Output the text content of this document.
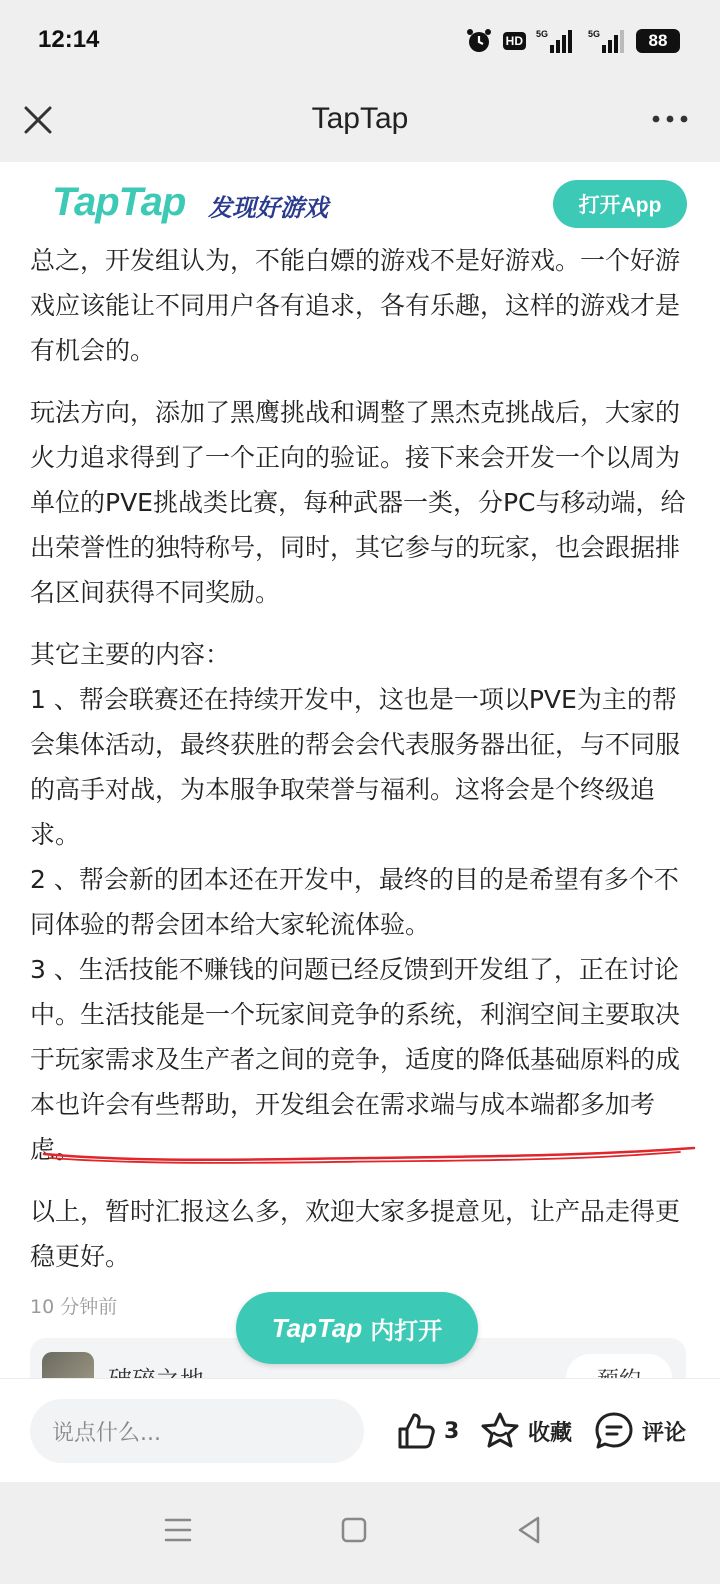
12:14	HD	5G	5G	88
TapTap
TapTap 发现好游戏	打开App

总之，开发组认为，不能白嫖的游戏不是好游戏。一个好游戏应该能让不同用户各有追求，各有乐趣，这样的游戏才是有机会的。

玩法方向，添加了黑鹰挑战和调整了黑杰克挑战后，大家的火力追求得到了一个正向的验证。接下来会开发一个以周为单位的PVE挑战类比赛，每种武器一类，分PC与移动端，给出荣誉性的独特称号，同时，其它参与的玩家，也会跟据排名区间获得不同奖励。

其它主要的内容：
1 、帮会联赛还在持续开发中，这也是一项以PVE为主的帮会集体活动，最终获胜的帮会会代表服务器出征，与不同服的高手对战，为本服争取荣誉与福利。这将会是个终级追求。
2 、帮会新的团本还在开发中，最终的目的是希望有多个不同体验的帮会团本给大家轮流体验。
3 、生活技能不赚钱的问题已经反馈到开发组了，正在讨论中。生活技能是一个玩家间竞争的系统，利润空间主要取决于玩家需求及生产者之间的竞争，适度的降低基础原料的成本也许会有些帮助，开发组会在需求端与成本端都多加考虑。

以上，暂时汇报这么多，欢迎大家多提意见，让产品走得更稳更好。

10 分钟前
TapTap 内打开
说点什么...	3	收藏	评论
